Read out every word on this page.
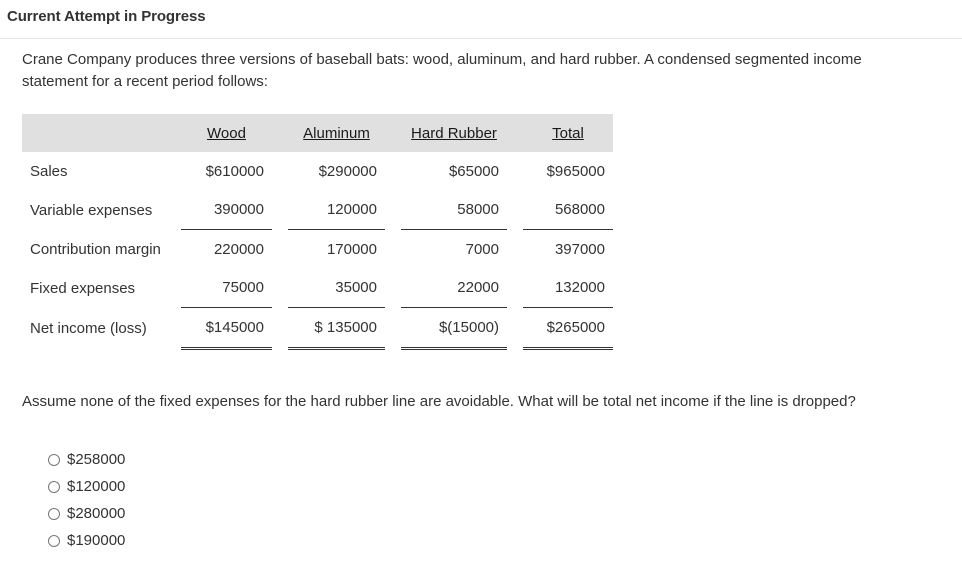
Current Attempt in Progress
Crane Company produces three versions of baseball bats: wood, aluminum, and hard rubber. A condensed segmented income statement for a recent period follows:
	Wood		Aluminum		Hard Rubber		Total
Sales	$610000		$290000		$65000		$965000
Variable expenses	390000		120000		58000		568000
Contribution margin	220000		170000		7000		397000
Fixed expenses	75000		35000		22000		132000
Net income (loss)	$145000		$ 135000		$(15000)		$265000
Assume none of the fixed expenses for the hard rubber line are avoidable. What will be total net income if the line is dropped?
$258000
$120000
$280000
$190000
